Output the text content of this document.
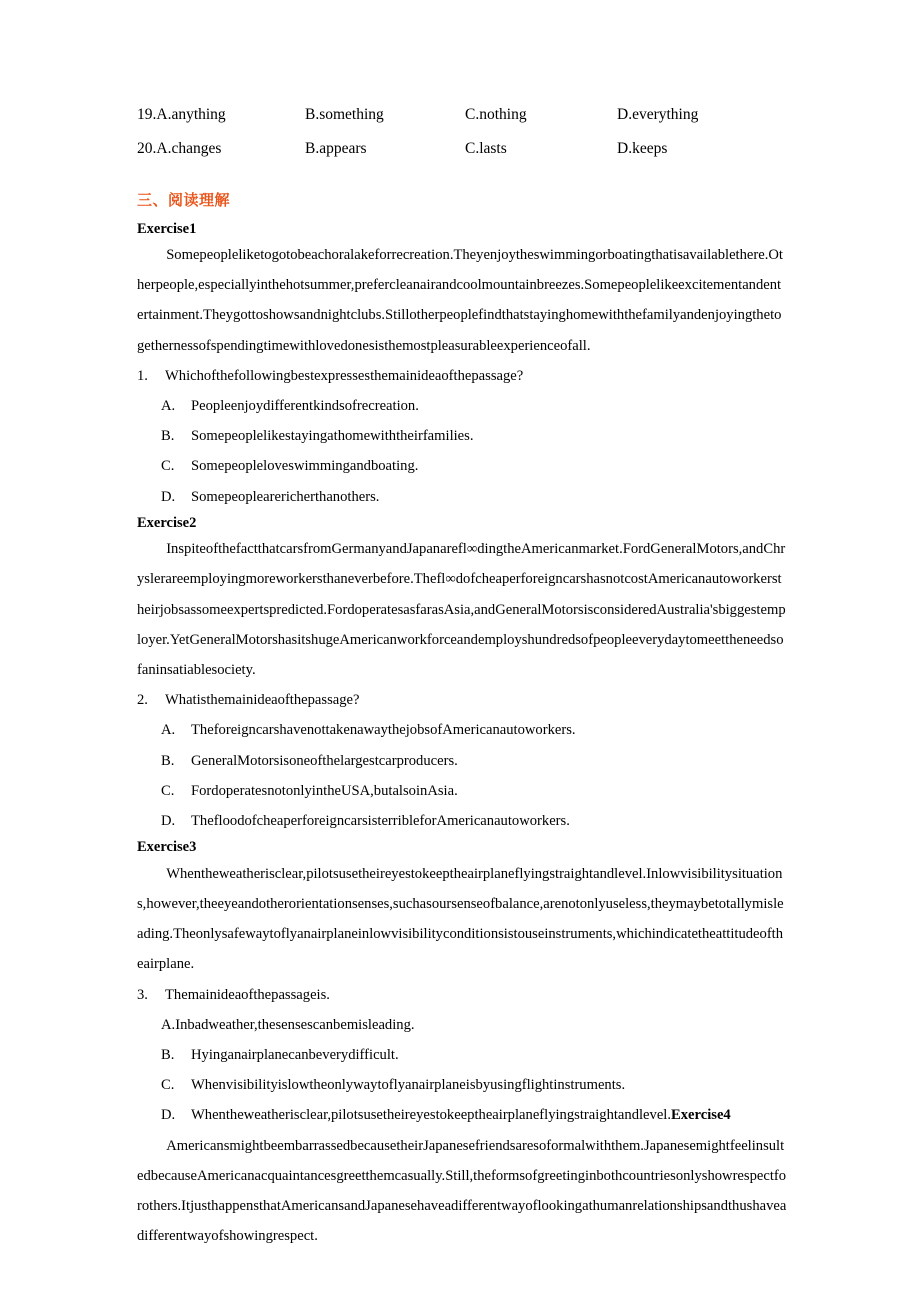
19.A.anything	B.something	C.nothing	D.everything
20.A.changes	B.appears	C.lasts	D.keeps
三、阅读理解
Exercise1

Somepeopleliketogotobeachoralakeforrecreation.Theyenjoytheswimmingorboatingthatisavailablethere.Otherpeople,especiallyinthehotsummer,prefercleanairandcoolmountainbreezes.Somepeoplelikeexcitementandentertainment.Theygottoshowsandnightclubs.Stillotherpeoplefindthatstayinghomewiththefamilyandenjoyingthetogethernessofspendingtimewithlovedonesisthemostpleasurableexperienceofall.

1.	Whichofthefollowingbestexpressesthemainideaofthepassage?
A.	Peopleenjoydifferentkindsofrecreation.
B.	Somepeoplelikestayingathomewiththeirfamilies.
C.	Somepeopleloveswimmingandboating.
D.	Somepeoplearericherthanothers.
Exercise2

InspiteofthefactthatcarsfromGermanyandJapanarefl∞dingtheAmericanmarket.FordGeneralMotors,andChryslerareemployingmoreworkersthaneverbefore.Thefl∞dofcheaperforeigncarshasnotcostAmericanautoworkerstheirjobsassomeexpertspredicted.FordoperatesasfarasAsia,andGeneralMotorsisconsideredAustralia'sbiggestemployer.YetGeneralMotorshasitshugeAmericanworkforceandemployshundredsofpeopleeverydaytomeettheneedsofaninsatiablesociety.

2.	Whatisthemainideaofthepassage?
A.	TheforeigncarshavenottakenawaythejobsofAmericanautoworkers.
B.	GeneralMotorsisoneofthelargestcarproducers.
C.	FordoperatesnotonlyintheUSA,butalsoinAsia.
D.	ThefloodofcheaperforeigncarsisterribleforAmericanautoworkers.
Exercise3

Whentheweatherisclear,pilotsusetheireyestokeeptheairplaneflyingstraightandlevel.Inlowvisibilitysituations,however,theeyeandotherorientationsenses,suchasoursenseofbalance,arenotonlyuseless,theymaybetotallymisleading.Theonlysafewaytoflyanairplaneinlowvisibilityconditionsistouseinstruments,whichindicatetheattitudeoftheairplane.

3.	Themainideaofthepassageis.
A. Inbadweather,thesensescanbemisleading.
B.	Hyinganairplanecanbeverydifficult.
C.	Whenvisibilityislowtheonlywaytoflyanairplaneisbyusingflightinstruments.
D.	Whentheweatherisclear,pilotsusetheireyestokeeptheairplaneflyingstraightandlevel.Exercise4

AmericansmightbeembarrassedbecausetheirJapanesefriendsaresoformalwiththem.JapanesemightfeelinsultedbecauseAmericanacquaintancesgreetthemcasually.Still,theformsofgreetinginbothcountriesonlyshowrespectforothers.ItjusthappensthatAmericansandJapanesehaveadifferentwayoflookingathumanrelationshipsandthushaveadifferentwayofshowingrespect.
